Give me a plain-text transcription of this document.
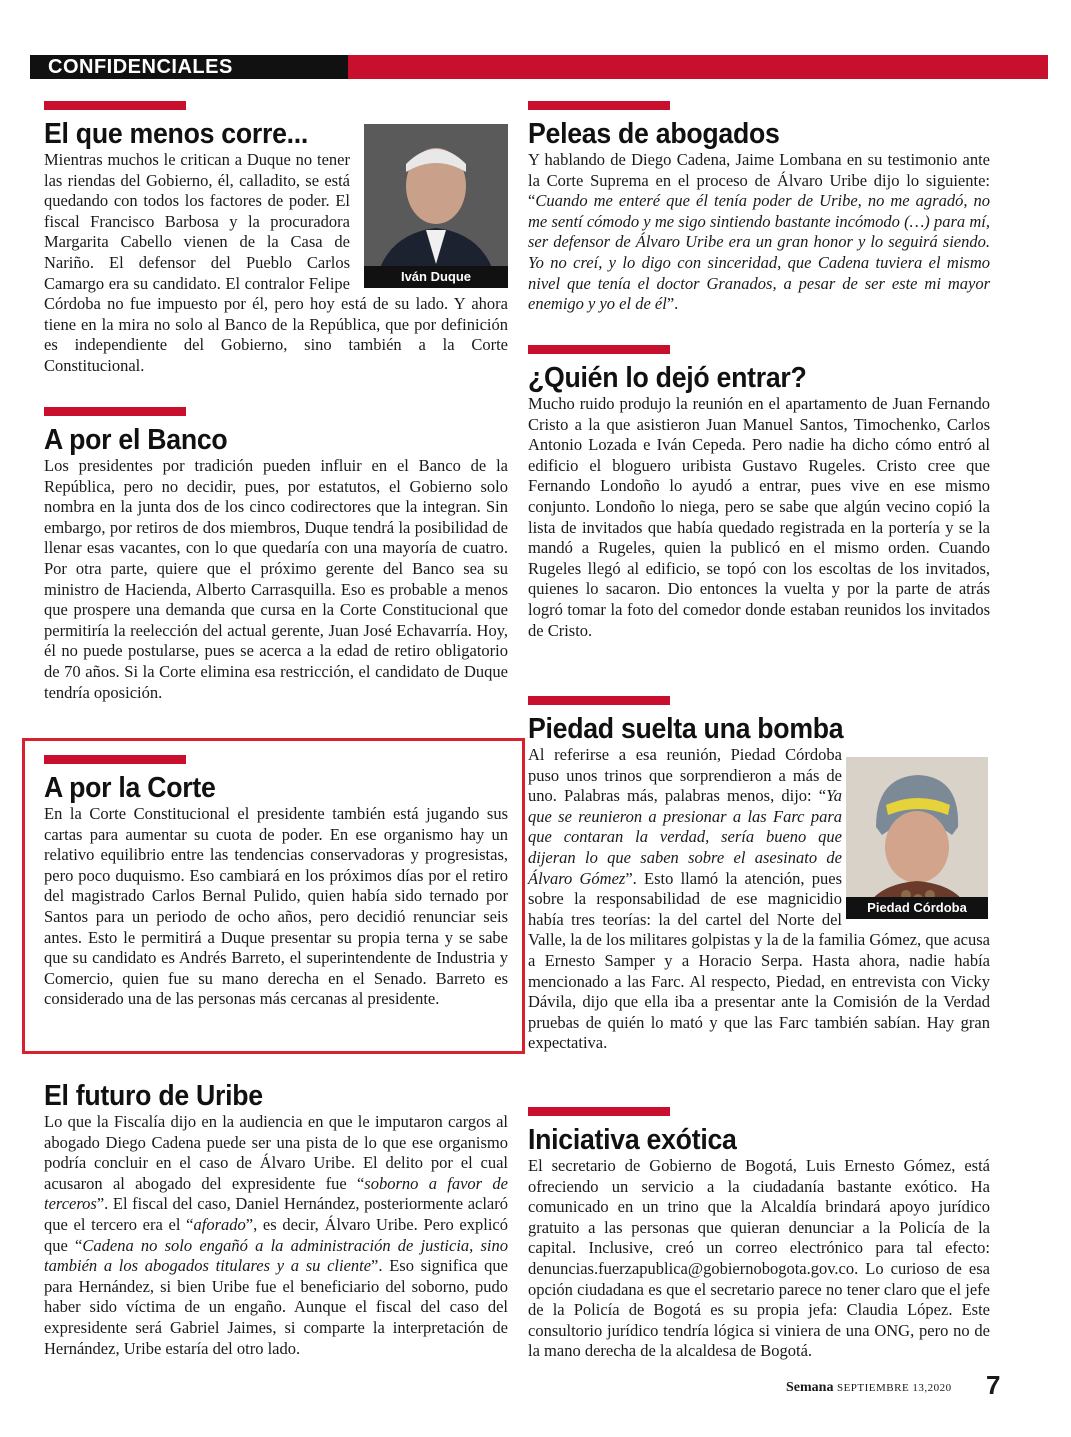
CONFIDENCIALES
El que menos corre...

Mientras muchos le critican a Duque no tener las riendas del Gobierno, él, calladito, se está quedando con todos los factores de poder. El fiscal Francisco Barbosa y la procuradora Margarita Cabello vienen de la Casa de Nariño. El defensor del Pueblo Carlos Camargo era su candidato. El contralor Felipe Córdoba no fue impuesto por él, pero hoy está de su lado. Y ahora tiene en la mira no solo al Banco de la República, que por definición es independiente del Gobierno, sino también a la Corte Constitucional.

Iván Duque
A por el Banco

Los presidentes por tradición pueden influir en el Banco de la República, pero no decidir, pues, por estatutos, el Gobierno solo nombra en la junta dos de los cinco codirectores que la integran. Sin embargo, por retiros de dos miembros, Duque tendrá la posibilidad de llenar esas vacantes, con lo que quedaría con una mayoría de cuatro. Por otra parte, quiere que el próximo gerente del Banco sea su ministro de Hacienda, Alberto Carrasquilla. Eso es probable a menos que prospere una demanda que cursa en la Corte Constitucional que permitiría la reelección del actual gerente, Juan José Echavarría. Hoy, él no puede postularse, pues se acerca a la edad de retiro obligatorio de 70 años. Si la Corte elimina esa restricción, el candidato de Duque tendría oposición.

A por la Corte

En la Corte Constitucional el presidente también está jugando sus cartas para aumentar su cuota de poder. En ese organismo hay un relativo equilibrio entre las tendencias conservadoras y progresistas, pero poco duquismo. Eso cambiará en los próximos días por el retiro del magistrado Carlos Bernal Pulido, quien había sido ternado por Santos para un periodo de ocho años, pero decidió renunciar seis antes. Esto le permitirá a Duque presentar su propia terna y se sabe que su candidato es Andrés Barreto, el superintendente de Industria y Comercio, quien fue su mano derecha en el Senado. Barreto es considerado una de las personas más cercanas al presidente.

El futuro de Uribe

Lo que la Fiscalía dijo en la audiencia en que le imputaron cargos al abogado Diego Cadena puede ser una pista de lo que ese organismo podría concluir en el caso de Álvaro Uribe. El delito por el cual acusaron al abogado del expresidente fue “soborno a favor de terceros”. El fiscal del caso, Daniel Hernández, posteriormente aclaró que el tercero era el “aforado”, es decir, Álvaro Uribe. Pero explicó que “Cadena no solo engañó a la administración de justicia, sino también a los abogados titulares y a su cliente”. Eso significa que para Hernández, si bien Uribe fue el beneficiario del soborno, pudo haber sido víctima de un engaño. Aunque el fiscal del caso del expresidente será Gabriel Jaimes, si comparte la interpretación de Hernández, Uribe estaría del otro lado.

Peleas de abogados

Y hablando de Diego Cadena, Jaime Lombana en su testimonio ante la Corte Suprema en el proceso de Álvaro Uribe dijo lo siguiente: “Cuando me enteré que él tenía poder de Uribe, no me agradó, no me sentí cómodo y me sigo sintiendo bastante incómodo (…) para mí, ser defensor de Álvaro Uribe era un gran honor y lo seguirá siendo. Yo no creí, y lo digo con sinceridad, que Cadena tuviera el mismo nivel que tenía el doctor Granados, a pesar de ser este mi mayor enemigo y yo el de él”.

¿Quién lo dejó entrar?

Mucho ruido produjo la reunión en el apartamento de Juan Fernando Cristo a la que asistieron Juan Manuel Santos, Timochenko, Carlos Antonio Lozada e Iván Cepeda. Pero nadie ha dicho cómo entró al edificio el bloguero uribista Gustavo Rugeles. Cristo cree que Fernando Londoño lo ayudó a entrar, pues vive en ese mismo conjunto. Londoño lo niega, pero se sabe que algún vecino copió la lista de invitados que había quedado registrada en la portería y se la mandó a Rugeles, quien la publicó en el mismo orden. Cuando Rugeles llegó al edificio, se topó con los escoltas de los invitados, quienes lo sacaron. Dio entonces la vuelta y por la parte de atrás logró tomar la foto del comedor donde estaban reunidos los invitados de Cristo.

Piedad suelta una bomba

Al referirse a esa reunión, Piedad Córdoba puso unos trinos que sorprendieron a más de uno. Palabras más, palabras menos, dijo: “Ya que se reunieron a presionar a las Farc para que contaran la verdad, sería bueno que dijeran lo que saben sobre el asesinato de Álvaro Gómez”. Esto llamó la atención, pues sobre la responsabilidad de ese magnicidio había tres teorías: la del cartel del Norte del Valle, la de los militares golpistas y la de la familia Gómez, que acusa a Ernesto Samper y a Horacio Serpa. Hasta ahora, nadie había mencionado a las Farc. Al respecto, Piedad, en entrevista con Vicky Dávila, dijo que ella iba a presentar ante la Comisión de la Verdad pruebas de quién lo mató y que las Farc también sabían. Hay gran expectativa.

Piedad Córdoba
Iniciativa exótica

El secretario de Gobierno de Bogotá, Luis Ernesto Gómez, está ofreciendo un servicio a la ciudadanía bastante exótico. Ha comunicado en un trino que la Alcaldía brindará apoyo jurídico gratuito a las personas que quieran denunciar a la Policía de la capital. Inclusive, creó un correo electrónico para tal efecto: denuncias.fuerzapublica@gobiernobogota.gov.co. Lo curioso de esa opción ciudadana es que el secretario parece no tener claro que el jefe de la Policía de Bogotá es su propia jefa: Claudia López. Este consultorio jurídico tendría lógica si viniera de una ONG, pero no de la mano derecha de la alcaldesa de Bogotá.

Semana SEPTIEMBRE 13,2020 7
